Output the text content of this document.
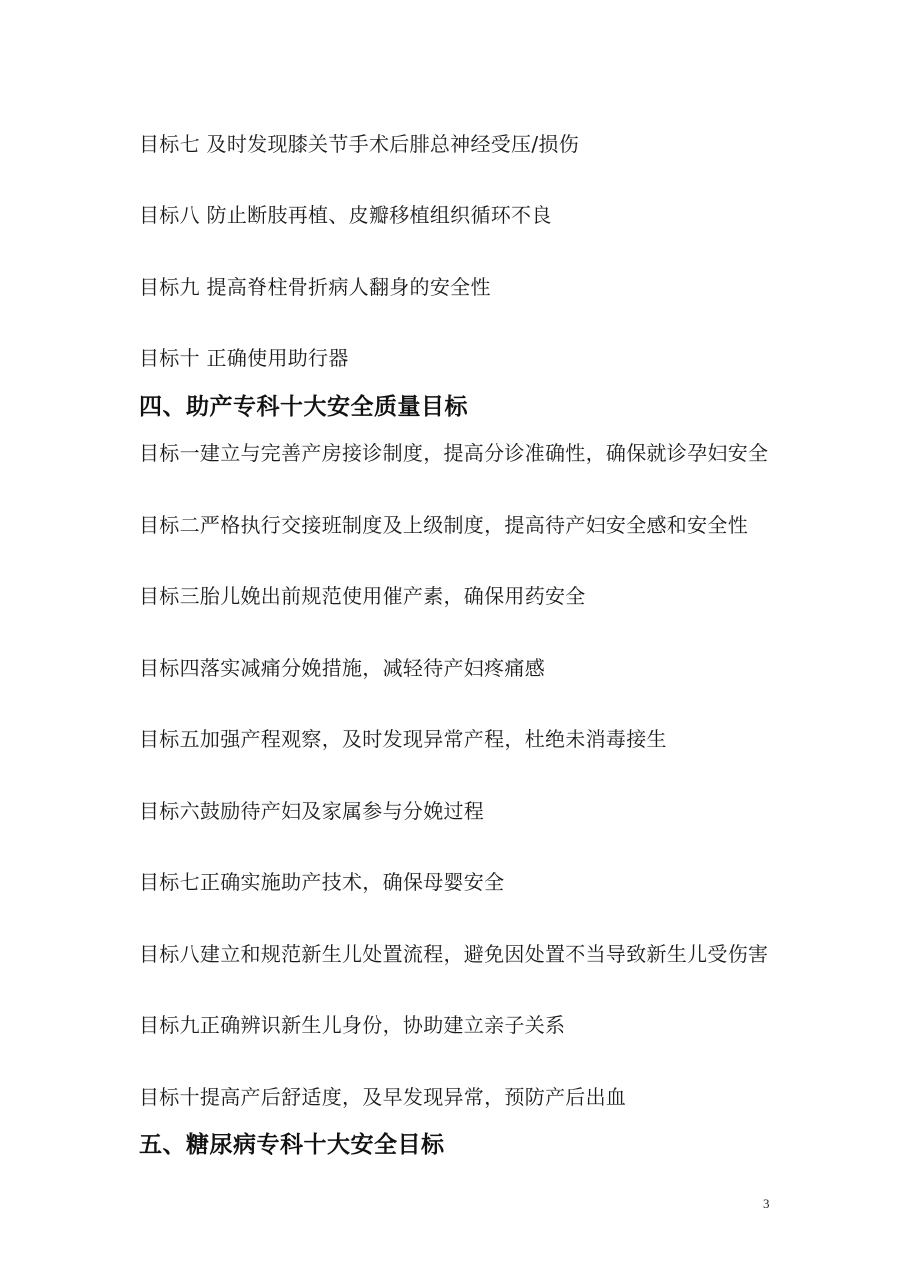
目标七 及时发现膝关节手术后腓总神经受压/损伤
目标八 防止断肢再植、皮瓣移植组织循环不良
目标九 提高脊柱骨折病人翻身的安全性
目标十 正确使用助行器
四、助产专科十大安全质量目标
目标一建立与完善产房接诊制度，提高分诊准确性，确保就诊孕妇安全
目标二严格执行交接班制度及上级制度，提高待产妇安全感和安全性
目标三胎儿娩出前规范使用催产素，确保用药安全
目标四落实减痛分娩措施，减轻待产妇疼痛感
目标五加强产程观察，及时发现异常产程，杜绝未消毒接生
目标六鼓励待产妇及家属参与分娩过程
目标七正确实施助产技术，确保母婴安全
目标八建立和规范新生儿处置流程，避免因处置不当导致新生儿受伤害
目标九正确辨识新生儿身份，协助建立亲子关系
目标十提高产后舒适度，及早发现异常，预防产后出血
五、糖尿病专科十大安全目标
3
